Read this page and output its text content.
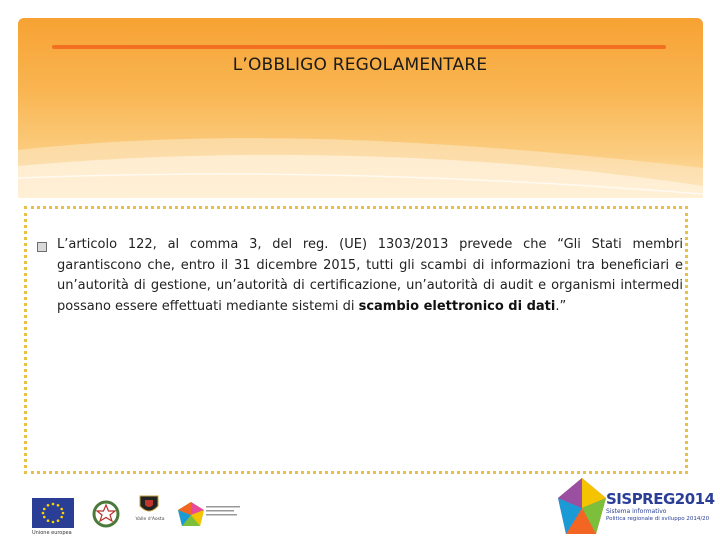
L’OBBLIGO REGOLAMENTARE
L’articolo 122, al comma 3, del reg. (UE) 1303/2013 prevede che “Gli Stati membri garantiscono che, entro il 31 dicembre 2015, tutti gli scambi di informazioni tra beneficiari e un’autorità di gestione, un’autorità di certificazione, un’autorità di audit e organismi intermedi possano essere effettuati mediante sistemi di scambio elettronico di dati.”
Unione europea
Valle d'Aosta
SISPREG2014
Sistema informativo
Politica regionale di sviluppo 2014/20
